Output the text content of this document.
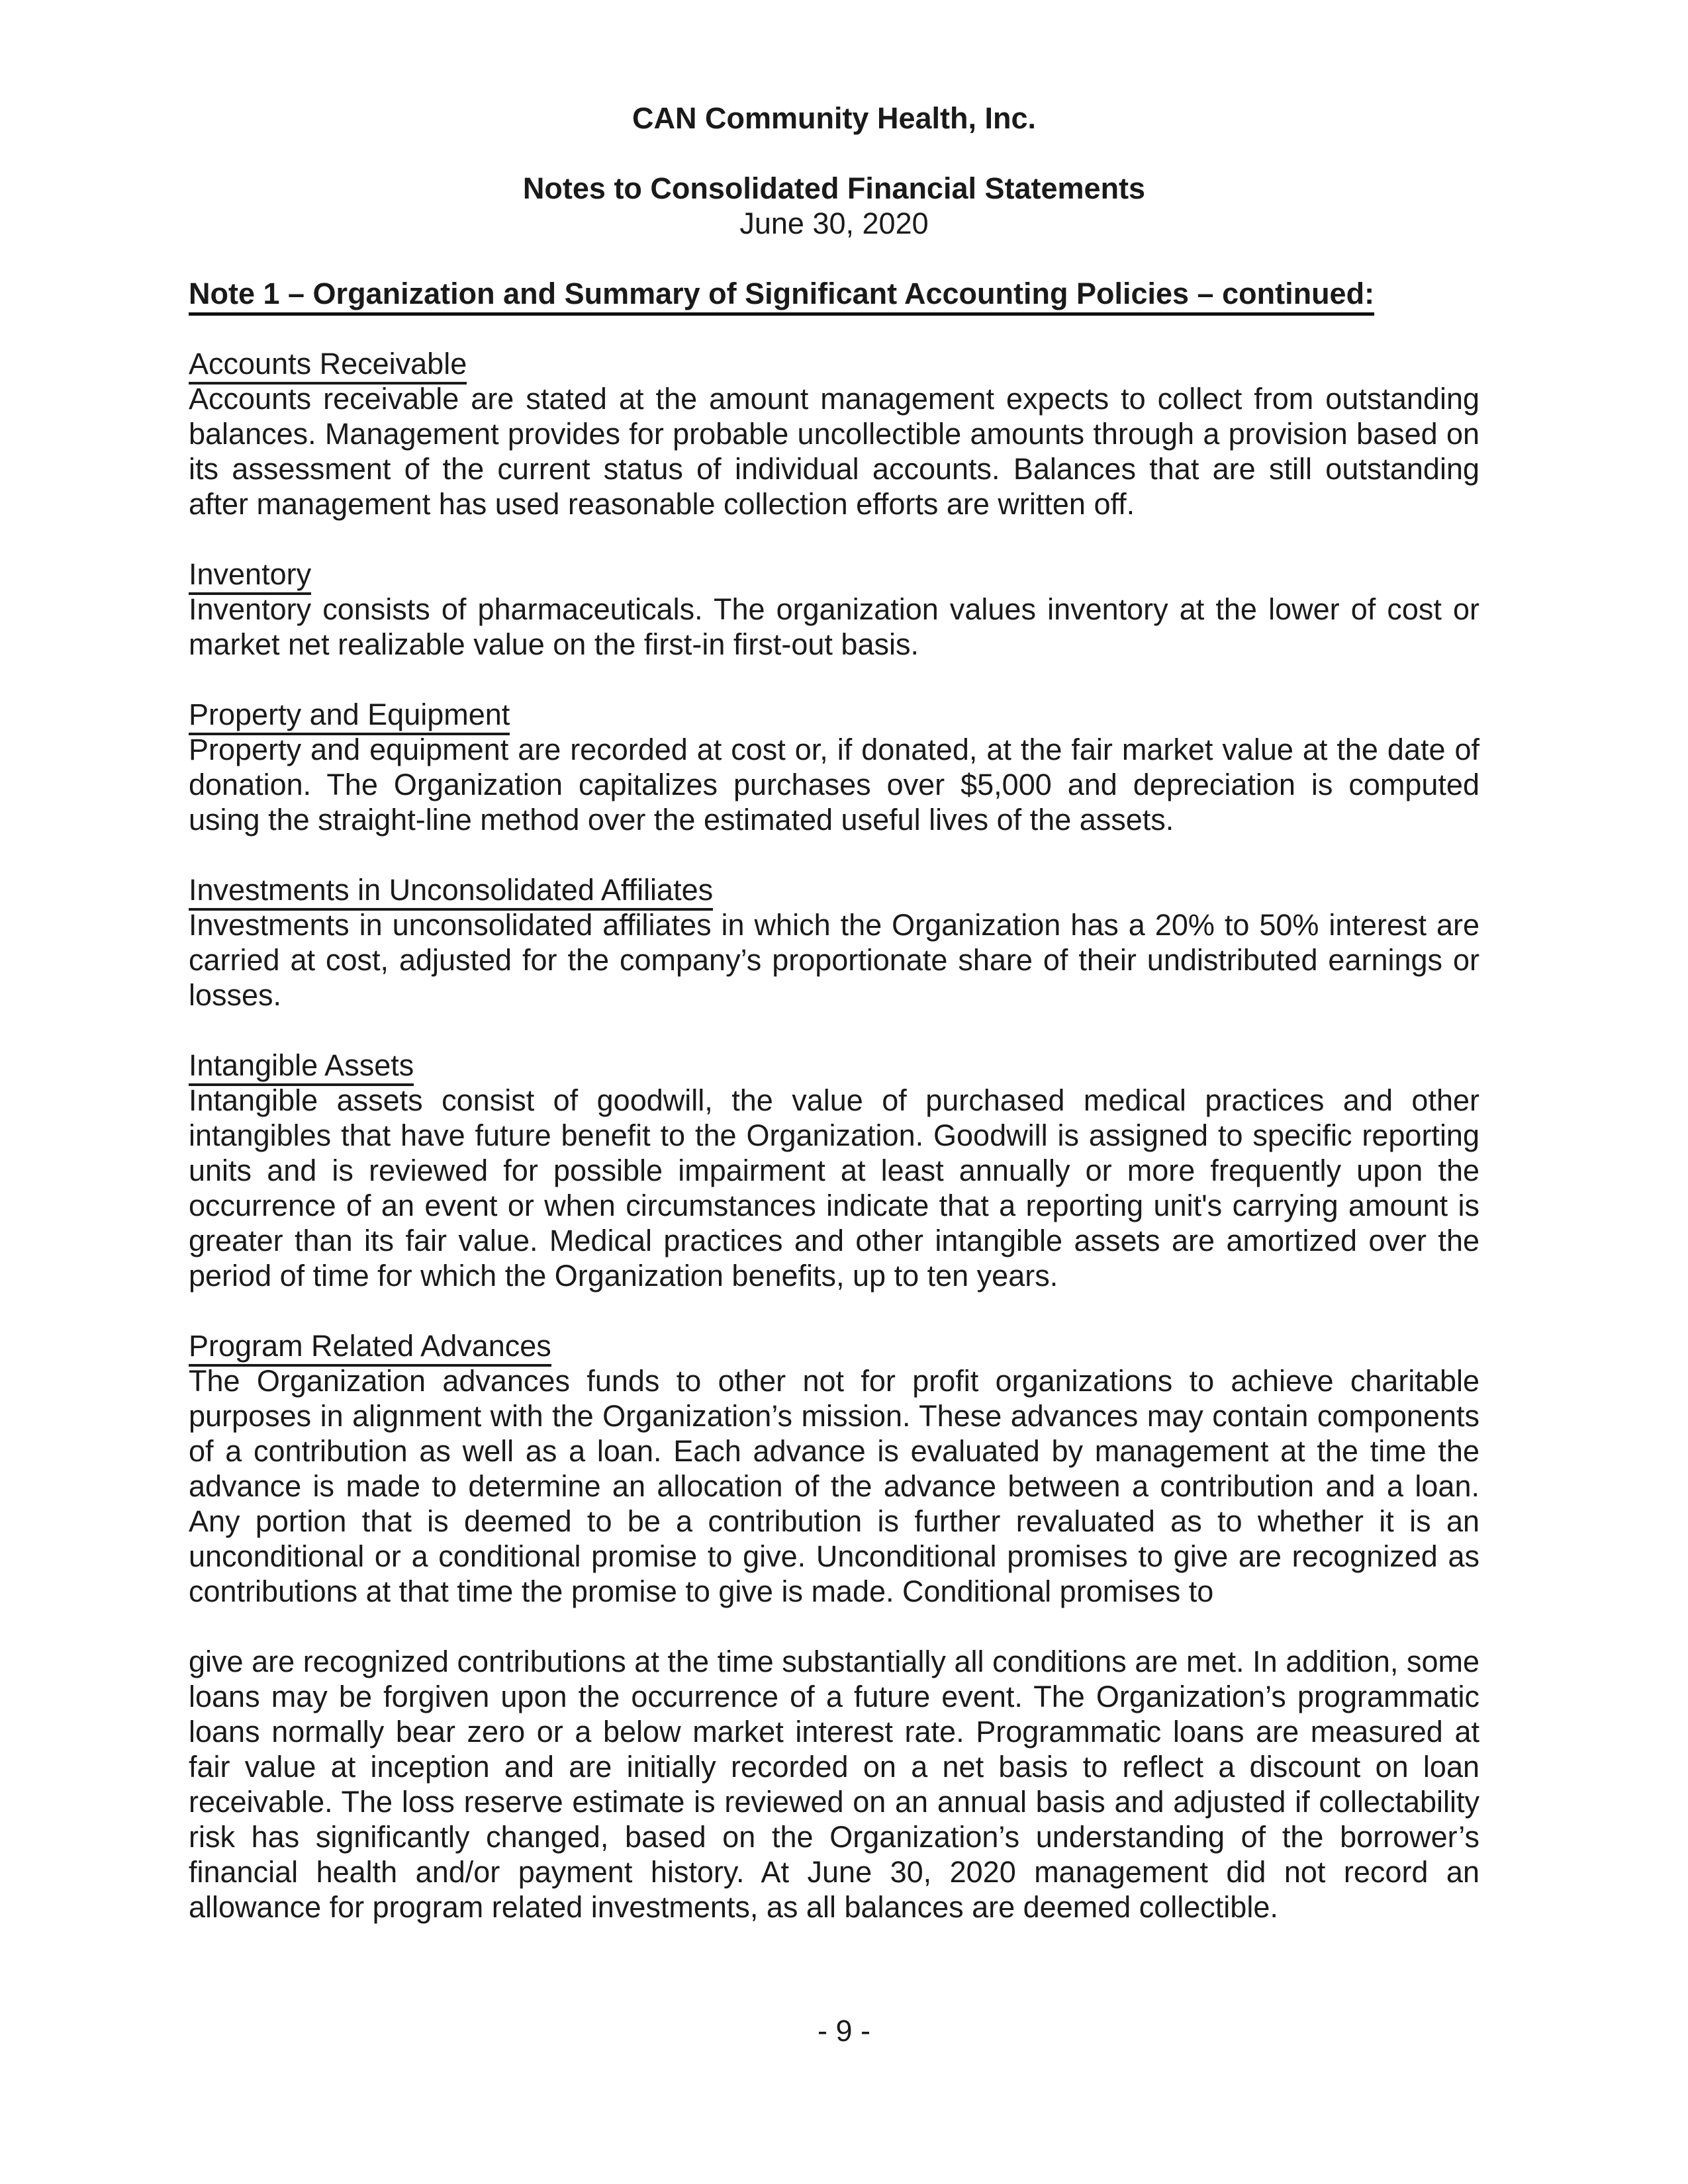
CAN Community Health, Inc.
Notes to Consolidated Financial Statements
June 30, 2020
Note 1 – Organization and Summary of Significant Accounting Policies – continued:
Accounts Receivable

Accounts receivable are stated at the amount management expects to collect from outstanding balances. Management provides for probable uncollectible amounts through a provision based on its assessment of the current status of individual accounts. Balances that are still outstanding after management has used reasonable collection efforts are written off.

Inventory

Inventory consists of pharmaceuticals. The organization values inventory at the lower of cost or market net realizable value on the first-in first-out basis.

Property and Equipment

Property and equipment are recorded at cost or, if donated, at the fair market value at the date of donation. The Organization capitalizes purchases over $5,000 and depreciation is computed using the straight-line method over the estimated useful lives of the assets.

Investments in Unconsolidated Affiliates

Investments in unconsolidated affiliates in which the Organization has a 20% to 50% interest are carried at cost, adjusted for the company’s proportionate share of their undistributed earnings or losses.

Intangible Assets

Intangible assets consist of goodwill, the value of purchased medical practices and other intangibles that have future benefit to the Organization. Goodwill is assigned to specific reporting units and is reviewed for possible impairment at least annually or more frequently upon the occurrence of an event or when circumstances indicate that a reporting unit's carrying amount is greater than its fair value. Medical practices and other intangible assets are amortized over the period of time for which the Organization benefits, up to ten years.

Program Related Advances

The Organization advances funds to other not for profit organizations to achieve charitable purposes in alignment with the Organization’s mission. These advances may contain components of a contribution as well as a loan. Each advance is evaluated by management at the time the advance is made to determine an allocation of the advance between a contribution and a loan. Any portion that is deemed to be a contribution is further revaluated as to whether it is an unconditional or a conditional promise to give. Unconditional promises to give are recognized as contributions at that time the promise to give is made. Conditional promises to

give are recognized contributions at the time substantially all conditions are met. In addition, some loans may be forgiven upon the occurrence of a future event. The Organization’s programmatic loans normally bear zero or a below market interest rate. Programmatic loans are measured at fair value at inception and are initially recorded on a net basis to reflect a discount on loan receivable. The loss reserve estimate is reviewed on an annual basis and adjusted if collectability risk has significantly changed, based on the Organization’s understanding of the borrower’s financial health and/or payment history. At June 30, 2020 management did not record an allowance for program related investments, as all balances are deemed collectible.

- 9 -
